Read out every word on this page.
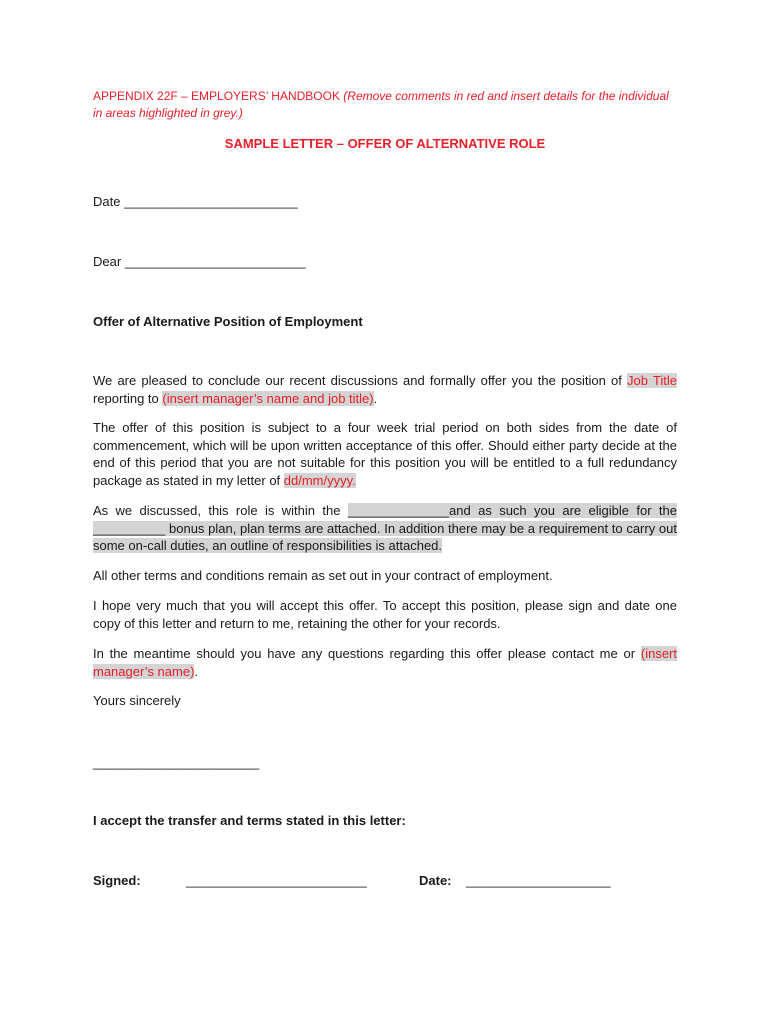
APPENDIX 22F – EMPLOYERS’ HANDBOOK (Remove comments in red and insert details for the individual in areas highlighted in grey.)
SAMPLE LETTER – OFFER OF ALTERNATIVE ROLE
Date ________________________
Dear _________________________
Offer of Alternative Position of Employment
We are pleased to conclude our recent discussions and formally offer you the position of Job Title reporting to (insert manager’s name and job title).
The offer of this position is subject to a four week trial period on both sides from the date of commencement, which will be upon written acceptance of this offer. Should either party decide at the end of this period that you are not suitable for this position you will be entitled to a full redundancy package as stated in my letter of dd/mm/yyyy.
As we discussed, this role is within the ______________and as such you are eligible for the __________ bonus plan, plan terms are attached. In addition there may be a requirement to carry out some on-call duties, an outline of responsibilities is attached.
All other terms and conditions remain as set out in your contract of employment.
I hope very much that you will accept this offer. To accept this position, please sign and date one copy of this letter and return to me, retaining the other for your records.
In the meantime should you have any questions regarding this offer please contact me or (insert manager’s name).
Yours sincerely
_______________________
I accept the transfer and terms stated in this letter:
Signed:	_________________________	Date: ____________________
